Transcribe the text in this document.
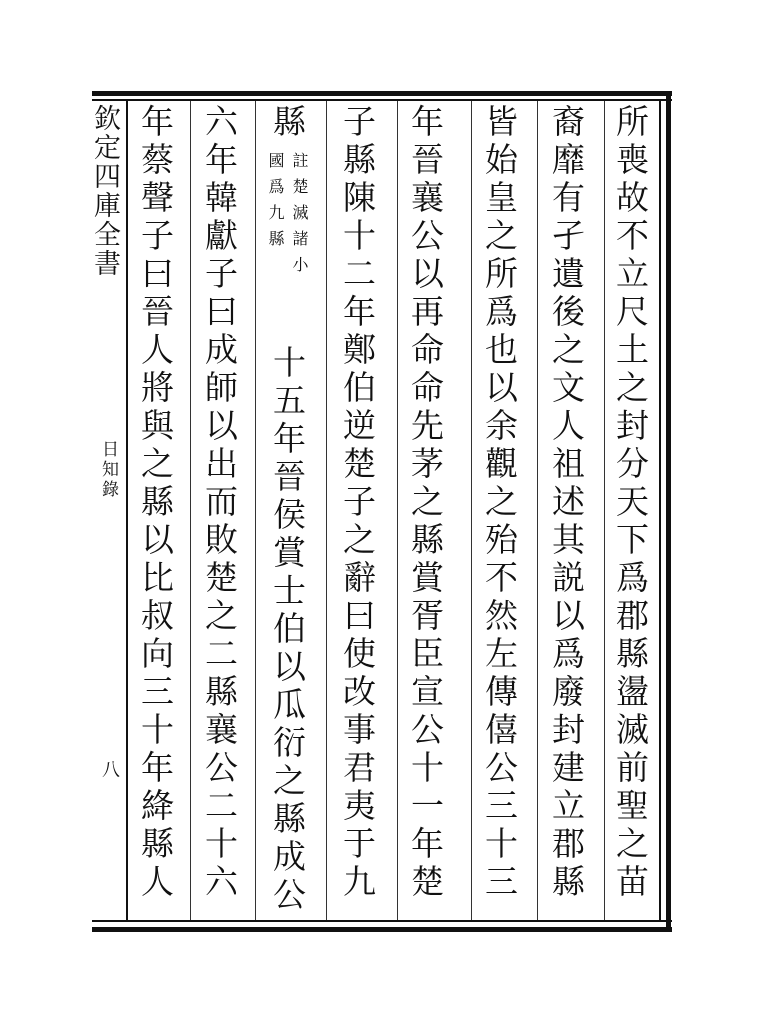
欽定四庫全書
日知錄
八	所喪故不立尺土之封分天下爲郡縣盪滅前聖之苗
裔靡有孑遺後之文人祖述其説以爲廢封建立郡縣
皆始皇之所爲也以余觀之殆不然左傳僖公三十三
年晉襄公以再命命先茅之縣賞胥臣宣公十一年楚
子縣陳十二年鄭伯逆楚子之辭曰使改事君夷于九
縣
註楚滅諸小
國爲九縣
十五年晉侯賞士伯以瓜衍之縣成公
六年韓獻子曰成師以出而敗楚之二縣襄公二十六
年蔡聲子曰晉人將與之縣以比叔向三十年絳縣人
